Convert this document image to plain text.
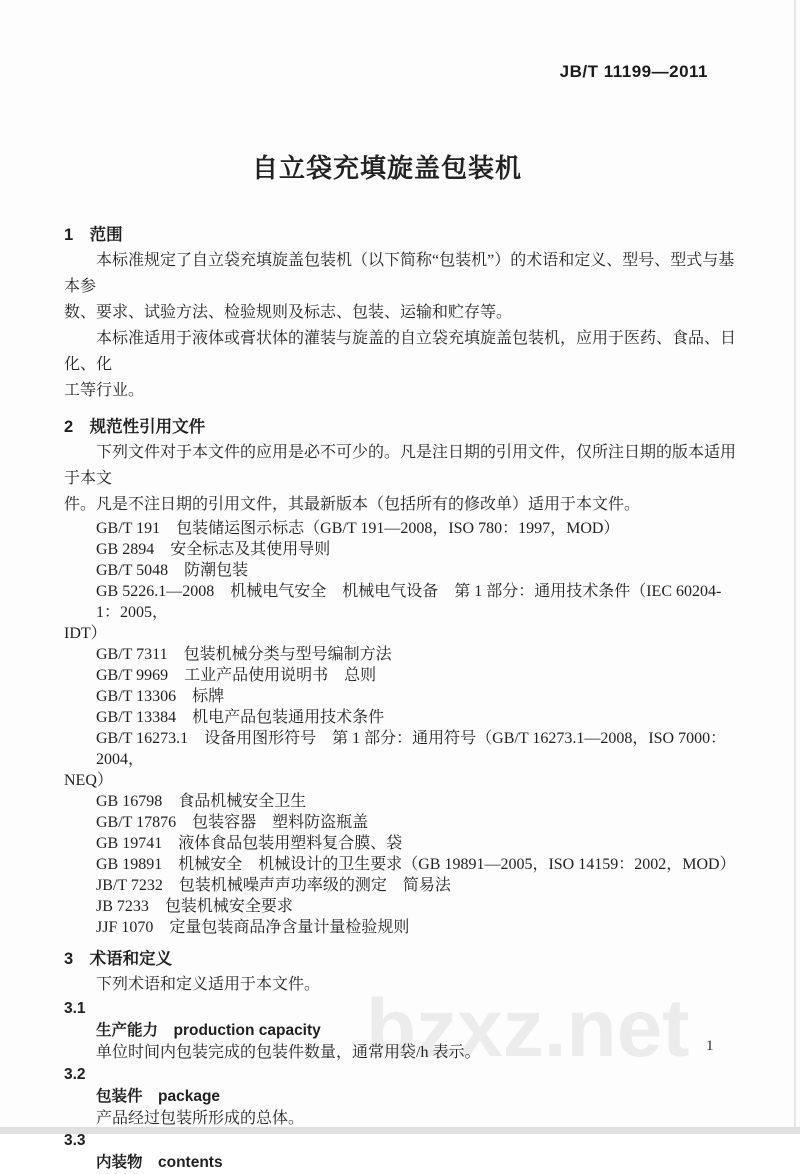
bzxz.net
JB/T 11199—2011
自立袋充填旋盖包装机
1　范围
本标准规定了自立袋充填旋盖包装机（以下简称“包装机”）的术语和定义、型号、型式与基本参
数、要求、试验方法、检验规则及标志、包装、运输和贮存等。
本标准适用于液体或膏状体的灌装与旋盖的自立袋充填旋盖包装机，应用于医药、食品、日化、化
工等行业。
2　规范性引用文件
下列文件对于本文件的应用是必不可少的。凡是注日期的引用文件，仅所注日期的版本适用于本文
件。凡是不注日期的引用文件，其最新版本（包括所有的修改单）适用于本文件。
GB/T 191　包装储运图示标志（GB/T 191—2008，ISO 780：1997，MOD）
GB 2894　安全标志及其使用导则
GB/T 5048　防潮包装
GB 5226.1—2008　机械电气安全　机械电气设备　第 1 部分：通用技术条件（IEC 60204-1：2005，
IDT）
GB/T 7311　包装机械分类与型号编制方法
GB/T 9969　工业产品使用说明书　总则
GB/T 13306　标牌
GB/T 13384　机电产品包装通用技术条件
GB/T 16273.1　设备用图形符号　第 1 部分：通用符号（GB/T 16273.1—2008，ISO 7000：2004，
NEQ）
GB 16798　食品机械安全卫生
GB/T 17876　包装容器　塑料防盗瓶盖
GB 19741　液体食品包装用塑料复合膜、袋
GB 19891　机械安全　机械设计的卫生要求（GB 19891—2005，ISO 14159：2002，MOD）
JB/T 7232　包装机械噪声声功率级的测定　简易法
JB 7233　包装机械安全要求
JJF 1070　定量包装商品净含量计量检验规则
3　术语和定义
下列术语和定义适用于本文件。
3.1
生产能力　production capacity
单位时间内包装完成的包装件数量，通常用袋/h 表示。
3.2
包装件　package
产品经过包装所形成的总体。
3.3
内装物　contents
1
